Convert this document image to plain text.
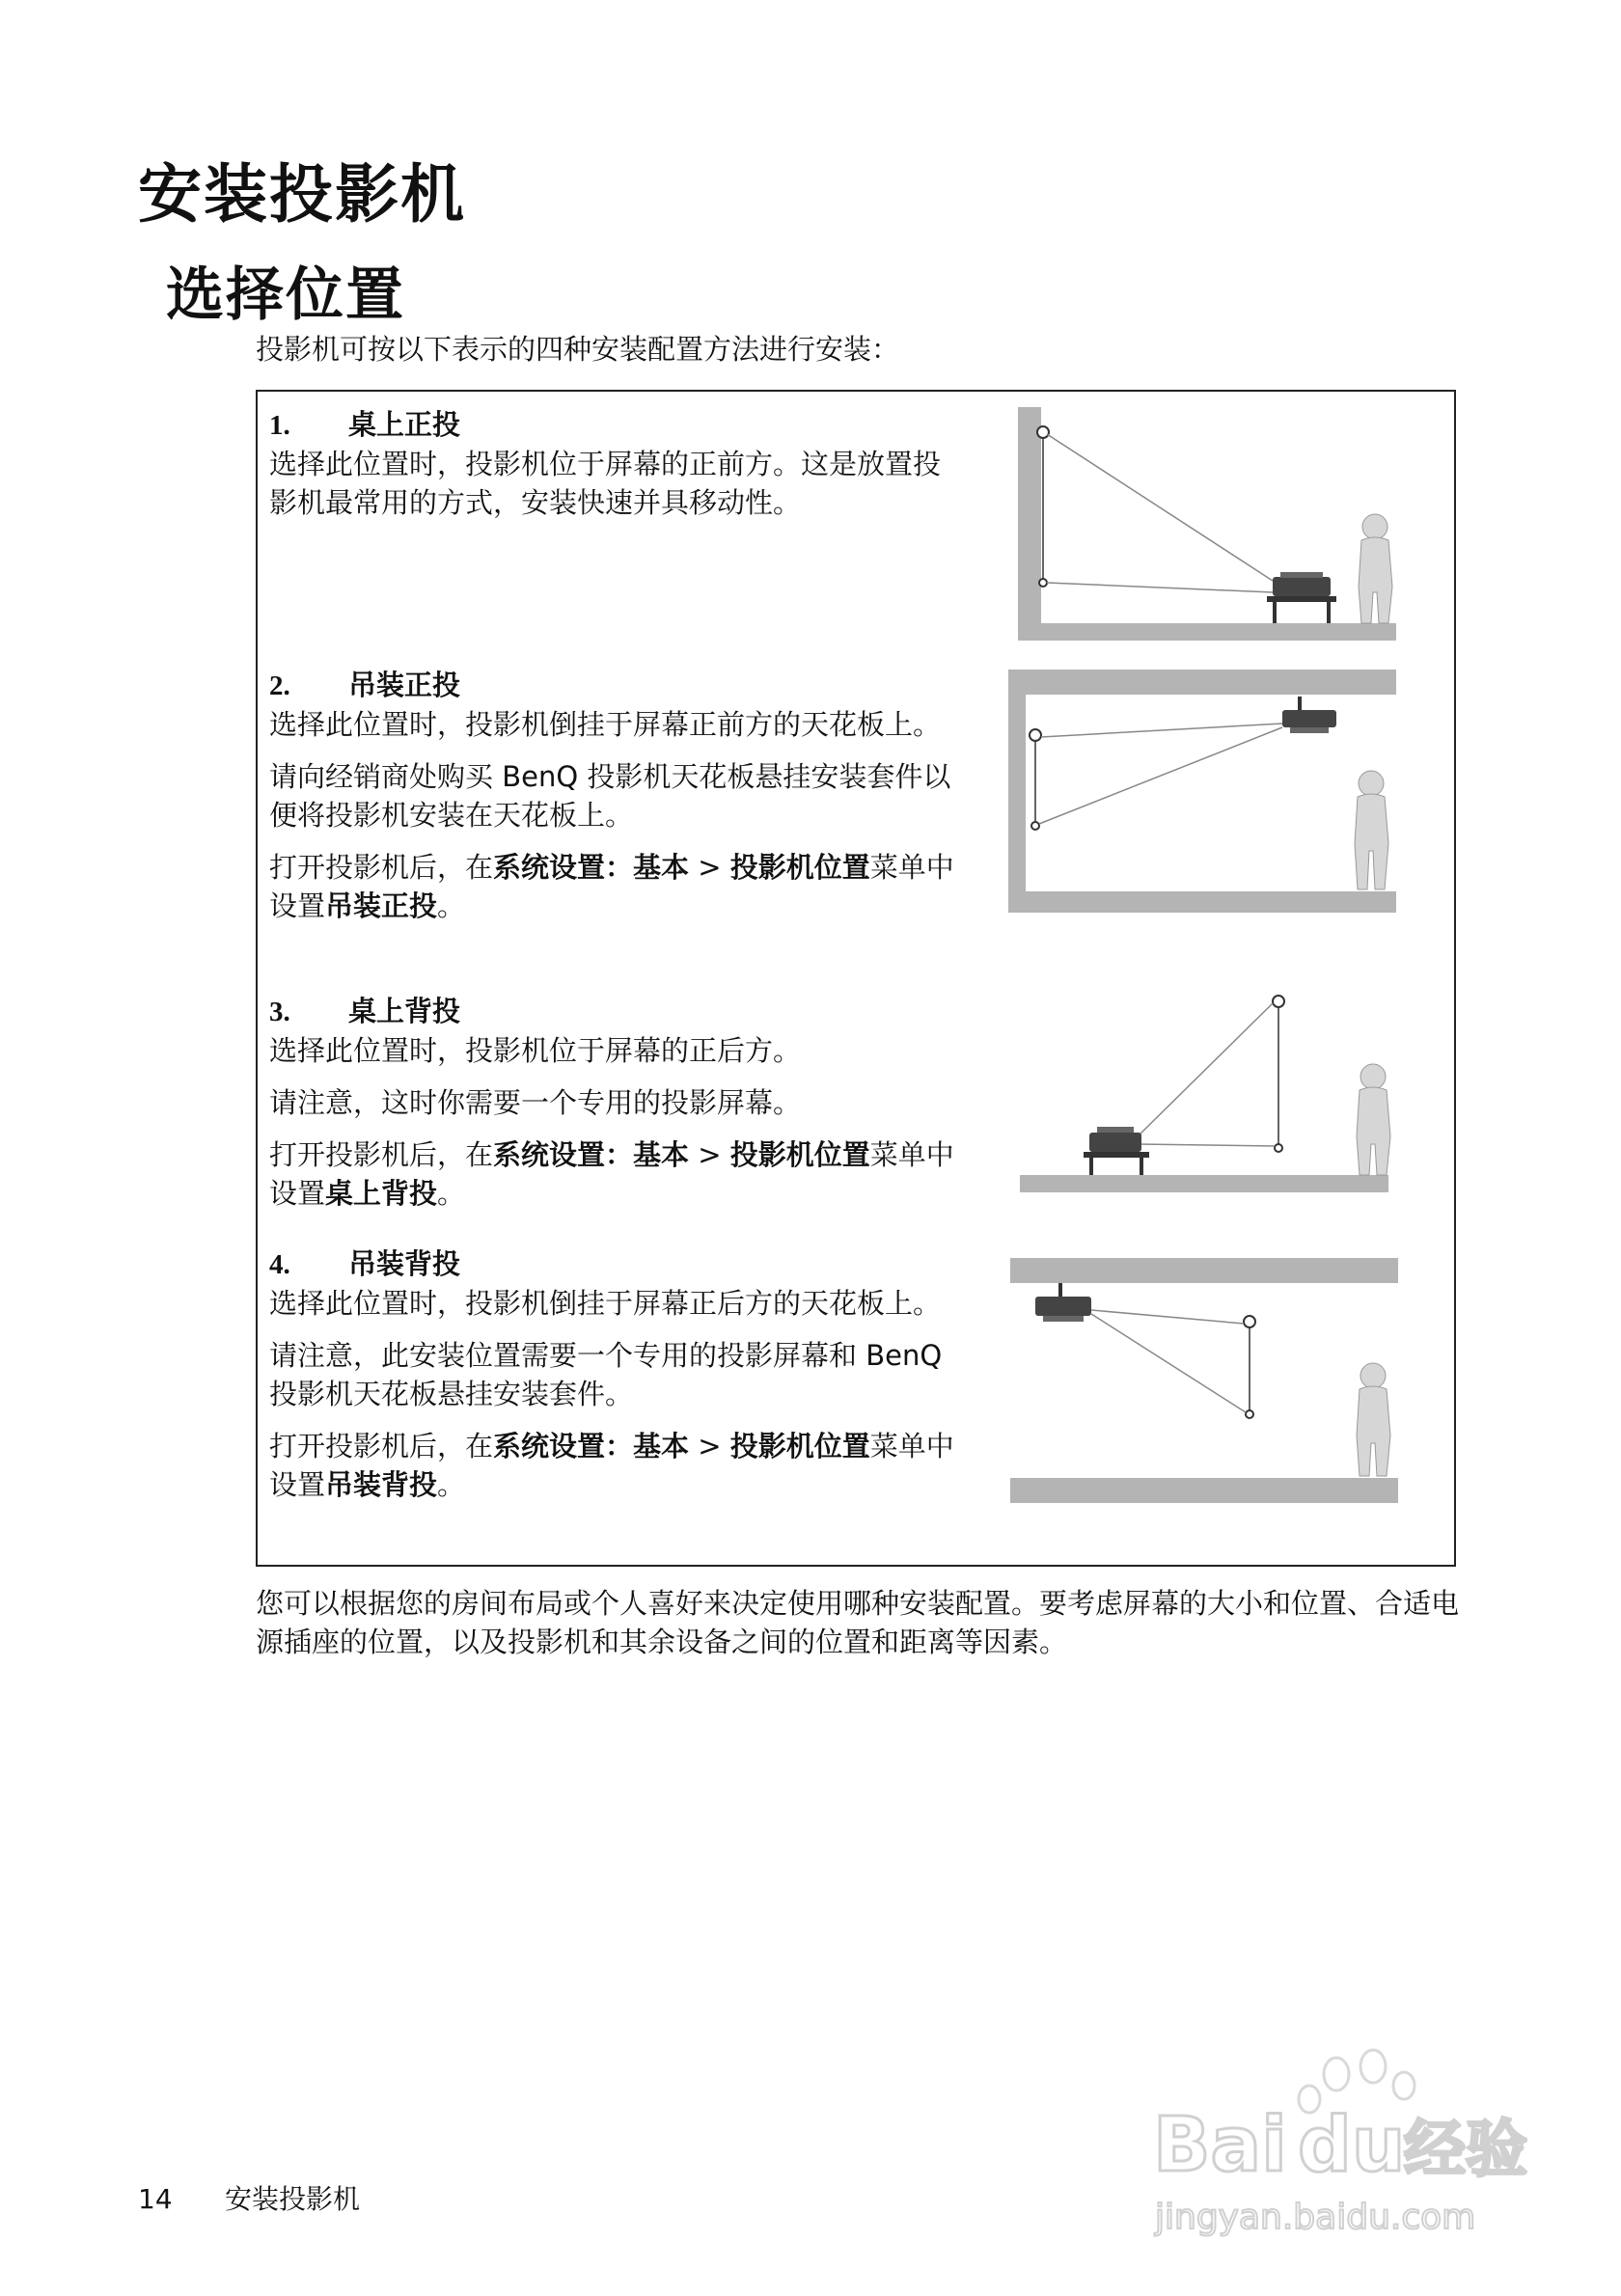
安装投影机
选择位置

投影机可按以下表示的四种安装配置方法进行安装：

1. 桌上正投

选择此位置时，投影机位于屏幕的正前方。这是放置投影机最常用的方式，安装快速并具移动性。

2. 吊装正投

选择此位置时，投影机倒挂于屏幕正前方的天花板上。

请向经销商处购买 BenQ 投影机天花板悬挂安装套件以便将投影机安装在天花板上。

打开投影机后，在系统设置：基本 > 投影机位置菜单中设置吊装正投。

3. 桌上背投

选择此位置时，投影机位于屏幕的正后方。

请注意，这时你需要一个专用的投影屏幕。

打开投影机后，在系统设置：基本 > 投影机位置菜单中设置桌上背投。

4. 吊装背投

选择此位置时，投影机倒挂于屏幕正后方的天花板上。

请注意，此安装位置需要一个专用的投影屏幕和 BenQ 投影机天花板悬挂安装套件。

打开投影机后，在系统设置：基本 > 投影机位置菜单中设置吊装背投。

您可以根据您的房间布局或个人喜好来决定使用哪种安装配置。要考虑屏幕的大小和位置、合适电源插座的位置，以及投影机和其余设备之间的位置和距离等因素。

14 安装投影机
Bai du
经验
jingyan.baidu.com
